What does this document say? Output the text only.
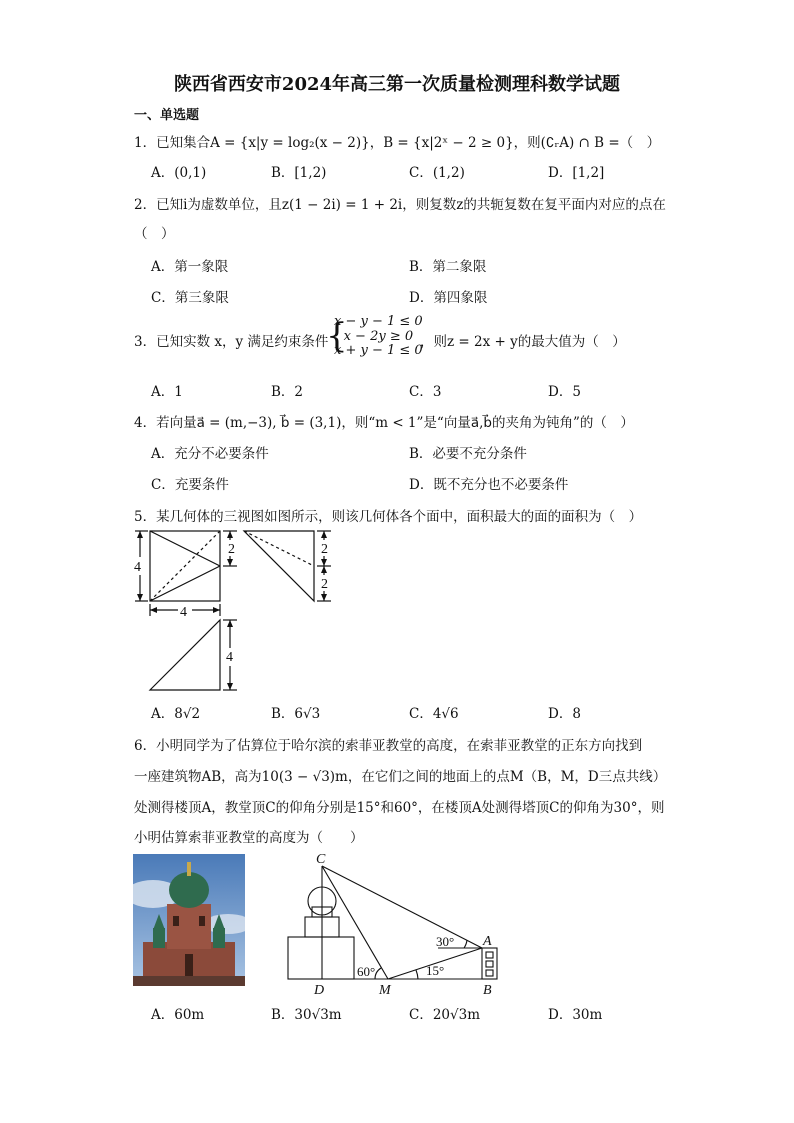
陕西省西安市2024年高三第一次质量检测理科数学试题
一、单选题
1．已知集合A = {x|y = log₂(x − 2)}，B = {x|2ˣ − 2 ≥ 0}，则(∁ᵣA) ∩ B =（　）
A．(0,1)	B．[1,2)	C．(1,2)	D．[1,2]
2．已知i为虚数单位，且z(1 − 2i) = 1 + 2i，则复数z的共轭复数在复平面内对应的点在
（　）
A．第一象限	B．第二象限
C．第三象限	D．第四象限
3．已知实数 x，y 满足约束条件
{
x − y − 1 ≤ 0
x − 2y ≥ 0
x + y − 1 ≤ 0
，则z = 2x + y的最大值为（　）
A．1	B．2	C．3	D．5
4．若向量a⃗ = (m,−3), b⃗ = (3,1)，则“m < 1”是“向量a⃗,b⃗的夹角为钝角”的（　）
A．充分不必要条件	B．必要不充分条件
C．充要条件	D．既不充分也不必要条件
5．某几何体的三视图如图所示，则该几何体各个面中，面积最大的面的面积为（　）
4
2	2
2
4
4
C
A
D	M	B
60°	15°
30°
A．8√2	B．6√3	C．4√6	D．8
6．小明同学为了估算位于哈尔滨的索菲亚教堂的高度，在索菲亚教堂的正东方向找到
一座建筑物AB，高为10(3 − √3)m，在它们之间的地面上的点M（B，M，D三点共线）
处测得楼顶A，教堂顶C的仰角分别是15°和60°，在楼顶A处测得塔顶C的仰角为30°，则
小明估算索菲亚教堂的高度为（　　）
A．60m	B．30√3m	C．20√3m	D．30m
